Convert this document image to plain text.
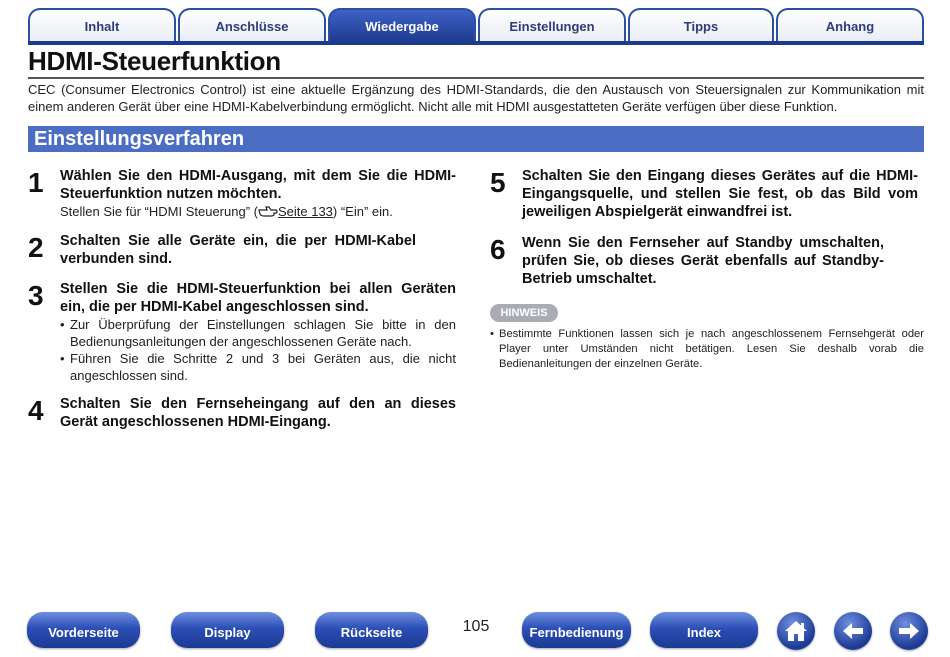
Inhalt	Anschlüsse	Wiedergabe	Einstellungen	Tipps	Anhang
HDMI-Steuerfunktion
CEC (Consumer Electronics Control) ist eine aktuelle Ergänzung des HDMI-Standards, die den Austausch von Steuersignalen zur Kommunikation mit einem anderen Gerät über eine HDMI-Kabelverbindung ermöglicht. Nicht alle mit HDMI ausgestatteten Geräte verfügen über diese Funktion.
Einstellungsverfahren
1 Wählen Sie den HDMI-Ausgang, mit dem Sie die HDMI-Steuerfunktion nutzen möchten.
Stellen Sie für “HDMI Steuerung” ( Seite 133) “Ein” ein.
2 Schalten Sie alle Geräte ein, die per HDMI-Kabel verbunden sind.
3 Stellen Sie die HDMI-Steuerfunktion bei allen Geräten ein, die per HDMI-Kabel angeschlossen sind.
• Zur Überprüfung der Einstellungen schlagen Sie bitte in den Bedienungsanleitungen der angeschlossenen Geräte nach.
• Führen Sie die Schritte 2 und 3 bei Geräten aus, die nicht angeschlossen sind.
4 Schalten Sie den Fernseheingang auf den an dieses Gerät angeschlossenen HDMI-Eingang.
5 Schalten Sie den Eingang dieses Gerätes auf die HDMI-Eingangsquelle, und stellen Sie fest, ob das Bild vom jeweiligen Abspielgerät einwandfrei ist.
6 Wenn Sie den Fernseher auf Standby umschalten, prüfen Sie, ob dieses Gerät ebenfalls auf Standby-Betrieb umschaltet.
HINWEIS
• Bestimmte Funktionen lassen sich je nach angeschlossenem Fernsehgerät oder Player unter Umständen nicht betätigen. Lesen Sie deshalb vorab die Bedienanleitungen der einzelnen Geräte.
Vorderseite	Display	Rückseite	105	Fernbedienung	Index
